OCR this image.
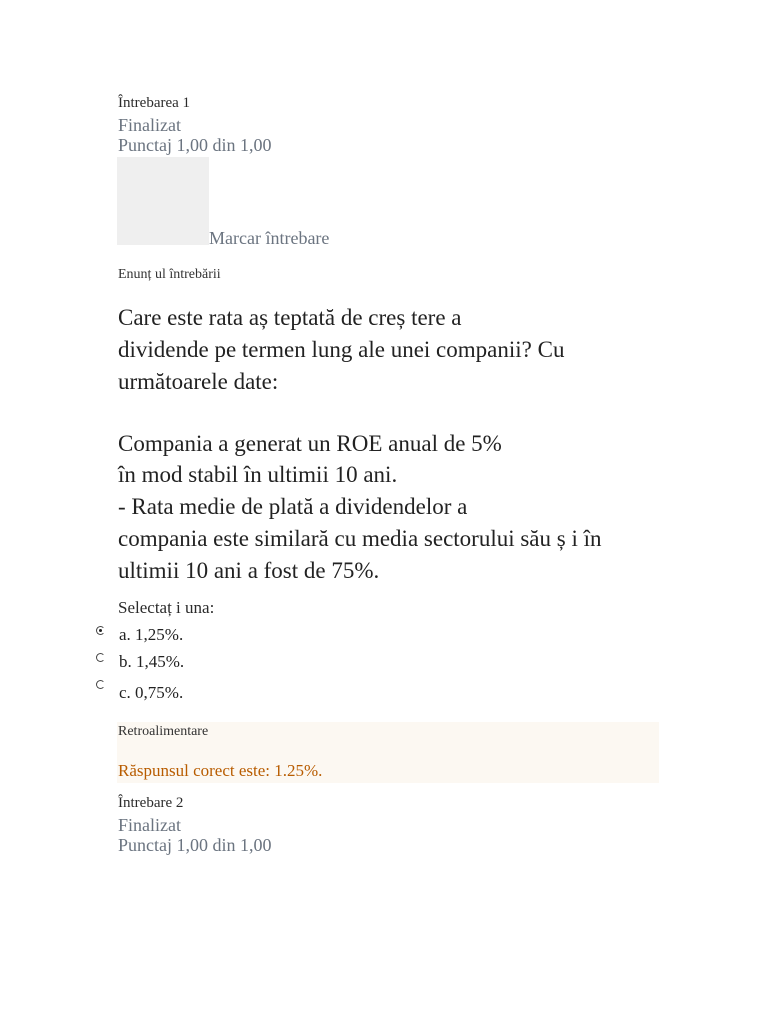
Întrebarea 1
Finalizat
Punctaj 1,00 din 1,00
Marcar întrebare
Enunț ul întrebării
Care este rata aș teptată de creș tere a
dividende pe termen lung ale unei companii? Cu
următoarele date:
Compania a generat un ROE anual de 5%
în mod stabil în ultimii 10 ani.
- Rata medie de plată a dividendelor a
compania este similară cu media sectorului său ș i în
ultimii 10 ani a fost de 75%.
Selectaț i una:
a. 1,25%.
b. 1,45%.
c. 0,75%.
Retroalimentare
Răspunsul corect este: 1.25%.
Întrebare 2
Finalizat
Punctaj 1,00 din 1,00
